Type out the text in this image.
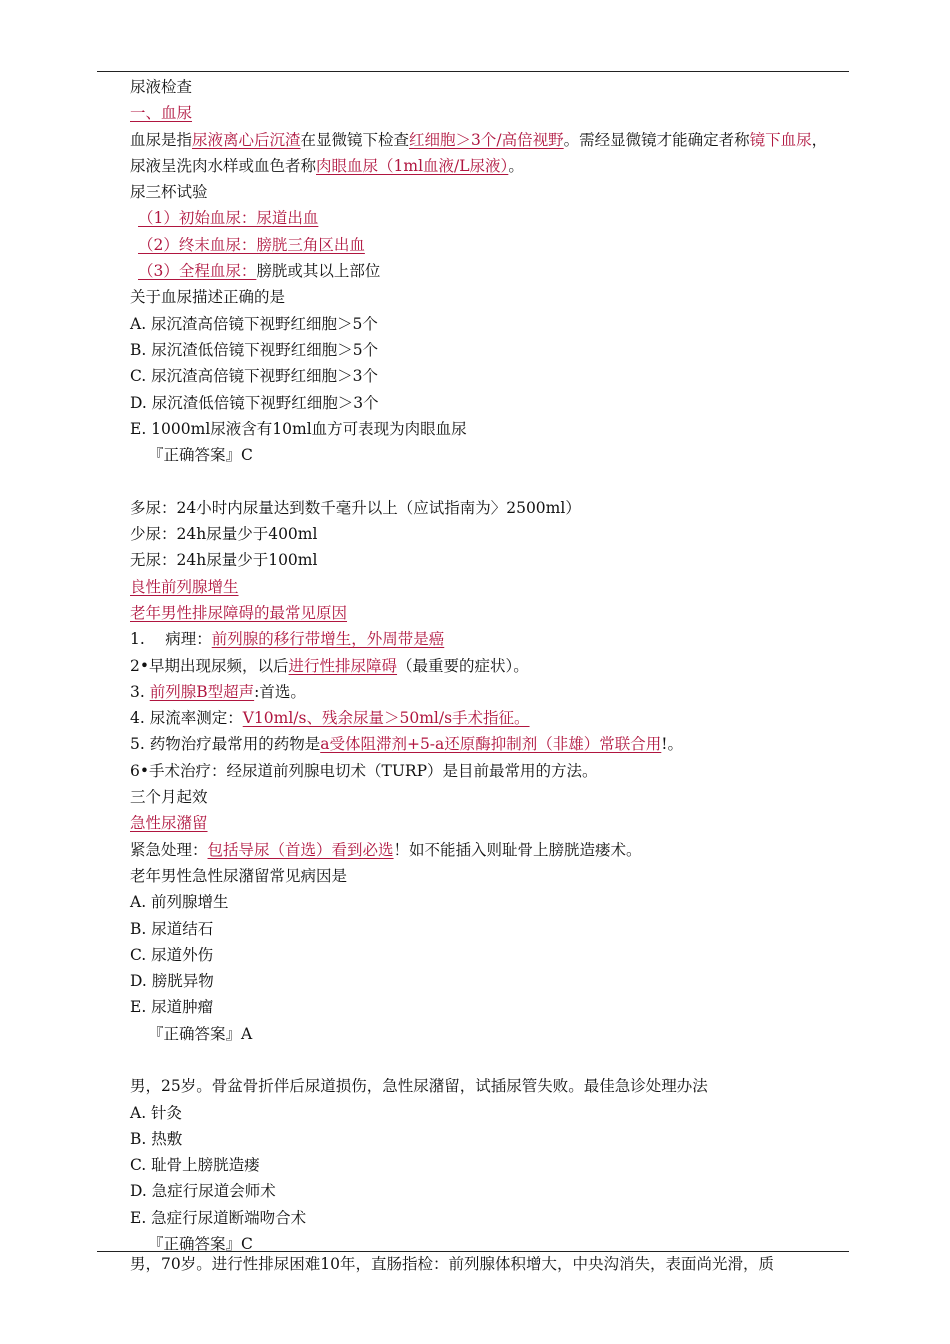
尿液检查
一、血尿
血尿是指尿液离心后沉渣在显微镜下检查红细胞＞3个/高倍视野。需经显微镜才能确定者称镜下血尿，尿液呈洗肉水样或血色者称肉眼血尿（1ml血液/L尿液）。
尿三杯试验
（1）初始血尿：尿道出血
（2）终末血尿：膀胱三角区出血
（3）全程血尿：膀胱或其以上部位
关于血尿描述正确的是
A. 尿沉渣高倍镜下视野红细胞＞5个
B. 尿沉渣低倍镜下视野红细胞＞5个
C. 尿沉渣高倍镜下视野红细胞＞3个
D. 尿沉渣低倍镜下视野红细胞＞3个
E. 1000ml尿液含有10ml血方可表现为肉眼血尿
『正确答案』C
多尿：24小时内尿量达到数千毫升以上（应试指南为〉2500ml）
少尿：24h尿量少于400ml
无尿：24h尿量少于100ml
良性前列腺增生
老年男性排尿障碍的最常见原因
1.　 病理：前列腺的移行带增生，外周带是癌
2•早期出现尿频，以后进行性排尿障碍（最重要的症状）。
3. 前列腺B型超声:首选。
4. 尿流率测定：V10ml/s、残余尿量＞50ml/s手术指征。
5. 药物治疗最常用的药物是a受体阻滞剂+5-a还原酶抑制剂（非雄）常联合用!。
6•手术治疗：经尿道前列腺电切术（TURP）是目前最常用的方法。
三个月起效
急性尿潴留
紧急处理：包括导尿（首选）看到必选！如不能插入则耻骨上膀胱造瘘术。
老年男性急性尿潴留常见病因是
A. 前列腺增生
B. 尿道结石
C. 尿道外伤
D. 膀胱异物
E. 尿道肿瘤
『正确答案』A
男，25岁。骨盆骨折伴后尿道损伤，急性尿潴留，试插尿管失败。最佳急诊处理办法
A. 针灸
B. 热敷
C. 耻骨上膀胱造瘘
D. 急症行尿道会师术
E. 急症行尿道断端吻合术
『正确答案』C
男，70岁。进行性排尿困难10年，直肠指检：前列腺体积增大，中央沟消失，表面尚光滑，质
